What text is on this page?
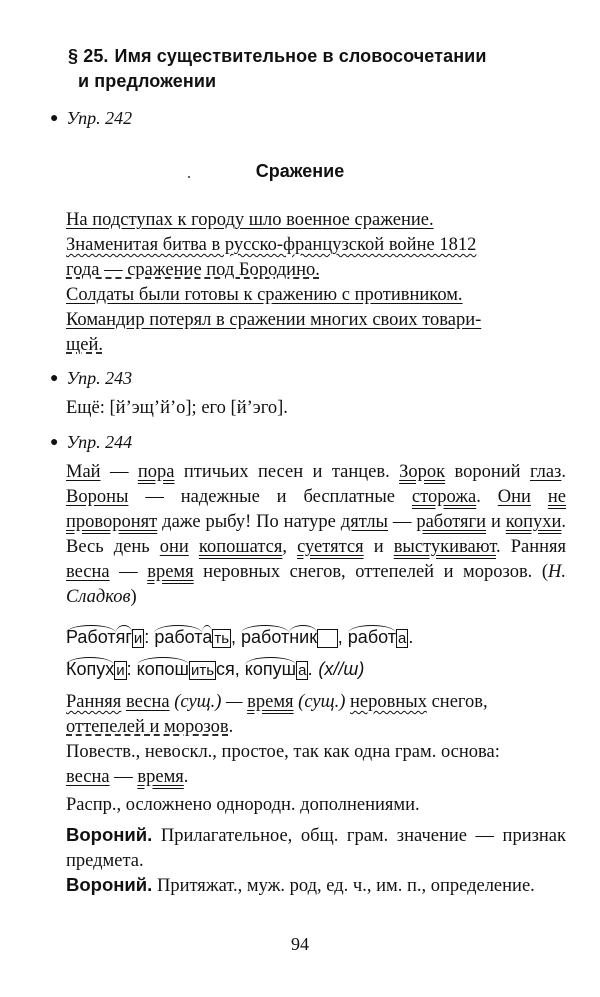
§ 25. Имя существительное в словосочетании
и предложении
● Упр. 242
Сражение
На подступах к городу шло военное сражение.
Знаменитая битва в русско-французской войне 1812
года — сражение под Бородино.
Солдаты были готовы к сражению с противником.
Командир потерял в сражении многих своих товари-
щей.
● Упр. 243
Ещё: [й’эщ’й’о]; его [й’эго].
● Упр. 244
Май — пора птичьих песен и танцев. Зорок вороний глаз. Вороны — надежные и бесплатные сторожа. Они не проворонят даже рыбу! По натуре дятлы — работяги и копухи. Весь день они копошатся, суетятся и выстукивают. Ранняя весна — время неровных снегов, оттепелей и морозов. (Н. Сладков)
Работяг и : работа ть , работник , работ а .
Копух и : копош ить ся, копуш а . (х//ш)
Ранняя весна (сущ.) — время (сущ.) неровных снегов,
оттепелей и морозов.
Повеств., невоскл., простое, так как одна грам. основа:
весна — время.
Распр., осложнено однородн. дополнениями.
Вороний. Прилагательное, общ. грам. значение — признак предмета.
Вороний. Притяжат., муж. род, ед. ч., им. п., определение.
94
